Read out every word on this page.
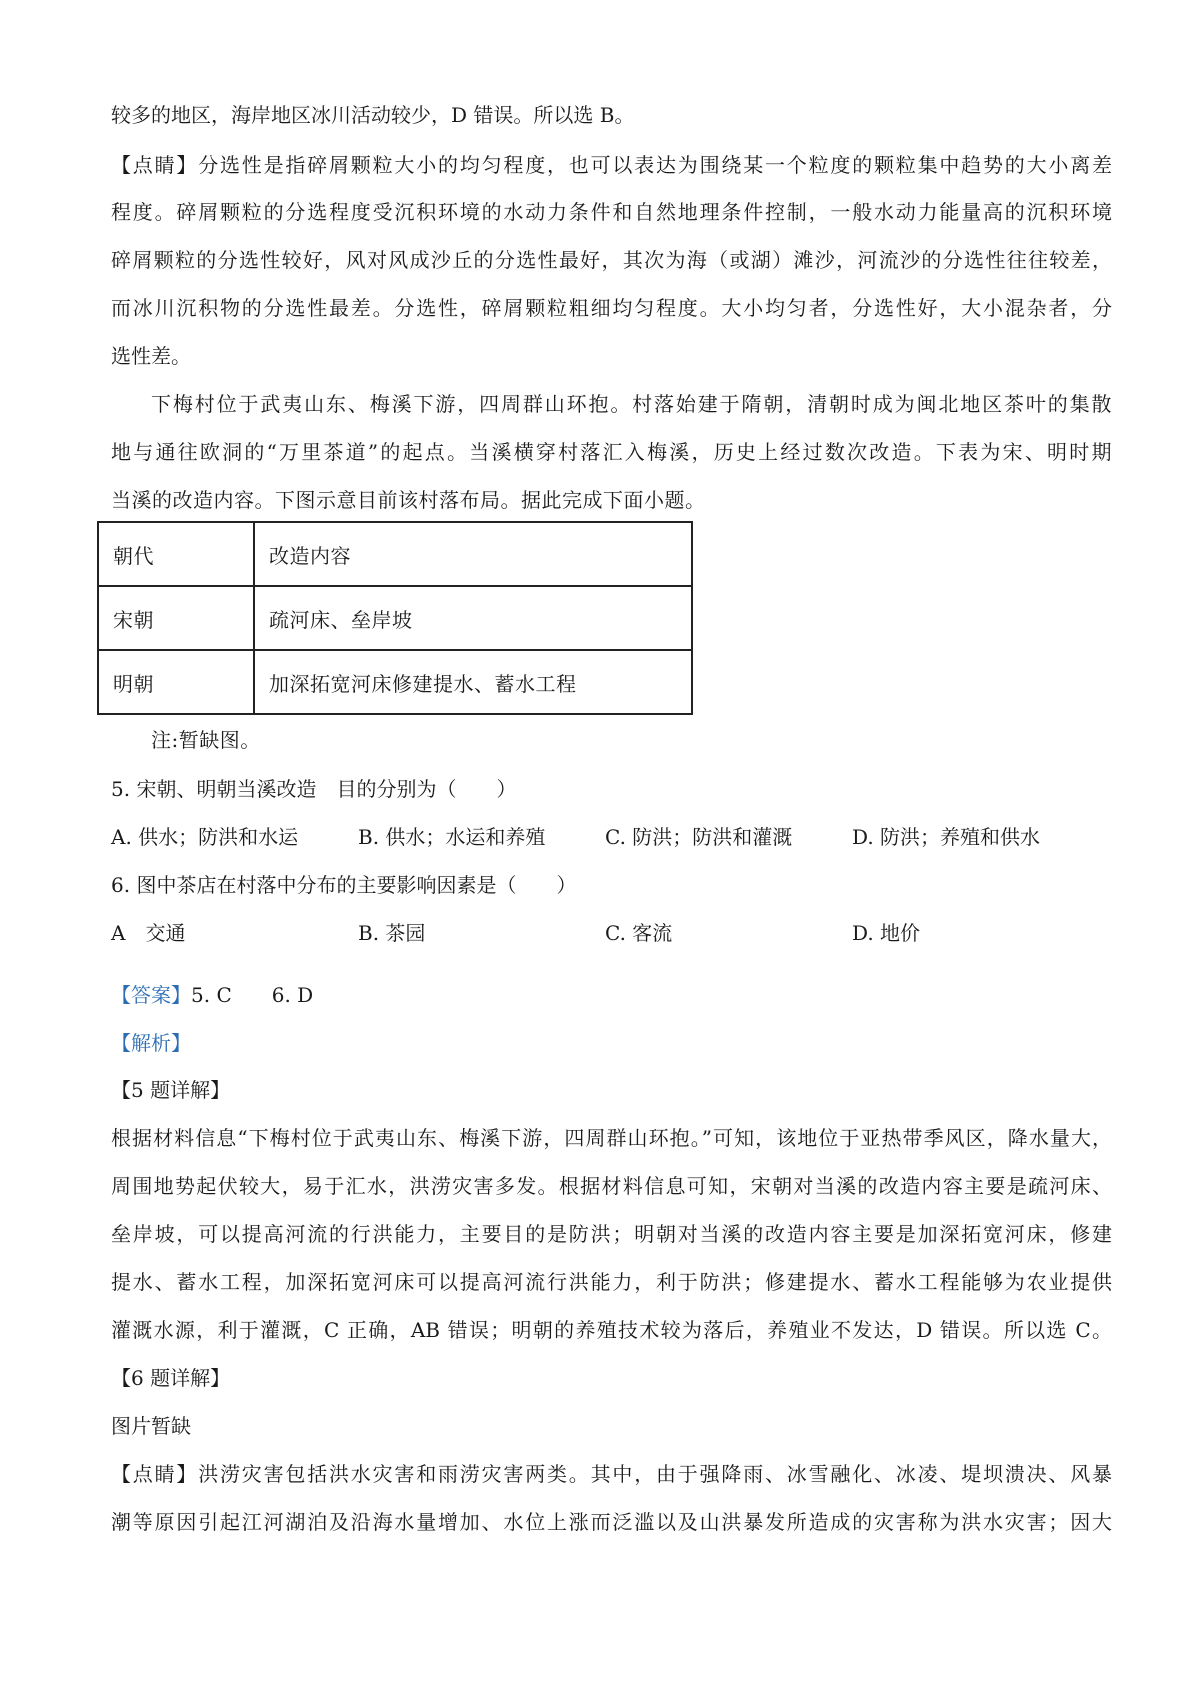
较多的地区，海岸地区冰川活动较少，D 错误。所以选 B。

【点睛】分选性是指碎屑颗粒大小的均匀程度，也可以表达为围绕某一个粒度的颗粒集中趋势的大小离差

程度。碎屑颗粒的分选程度受沉积环境的水动力条件和自然地理条件控制，一般水动力能量高的沉积环境

碎屑颗粒的分选性较好，风对风成沙丘的分选性最好，其次为海（或湖）滩沙，河流沙的分选性往往较差，

而冰川沉积物的分选性最差。分选性，碎屑颗粒粗细均匀程度。大小均匀者，分选性好，大小混杂者，分

选性差。

下梅村位于武夷山东、梅溪下游，四周群山环抱。村落始建于隋朝，清朝时成为闽北地区茶叶的集散

地与通往欧洞的“万里茶道”的起点。当溪横穿村落汇入梅溪，历史上经过数次改造。下表为宋、明时期

当溪的改造内容。下图示意目前该村落布局。据此完成下面小题。

朝代	改造内容
宋朝	疏河床、垒岸坡
明朝	加深拓宽河床修建提水、蓄水工程

注:暂缺图。

5. 宋朝、明朝当溪改造　目的分别为（　　）

A. 供水；防洪和水运	B. 供水；水运和养殖	C. 防洪；防洪和灌溉	D. 防洪；养殖和供水

6. 图中茶店在村落中分布的主要影响因素是（　　）

A　交通	B. 茶园	C. 客流	D. 地价

【答案】5. C　　6. D

【解析】

【5 题详解】

根据材料信息“下梅村位于武夷山东、梅溪下游，四周群山环抱。”可知，该地位于亚热带季风区，降水量大，

周围地势起伏较大，易于汇水，洪涝灾害多发。根据材料信息可知，宋朝对当溪的改造内容主要是疏河床、

垒岸坡，可以提高河流的行洪能力，主要目的是防洪；明朝对当溪的改造内容主要是加深拓宽河床，修建

提水、蓄水工程，加深拓宽河床可以提高河流行洪能力，利于防洪；修建提水、蓄水工程能够为农业提供

灌溉水源，利于灌溉，C 正确，AB 错误；明朝的养殖技术较为落后，养殖业不发达，D 错误。所以选 C。

【6 题详解】

图片暂缺

【点睛】洪涝灾害包括洪水灾害和雨涝灾害两类。其中，由于强降雨、冰雪融化、冰凌、堤坝溃决、风暴

潮等原因引起江河湖泊及沿海水量增加、水位上涨而泛滥以及山洪暴发所造成的灾害称为洪水灾害；因大
